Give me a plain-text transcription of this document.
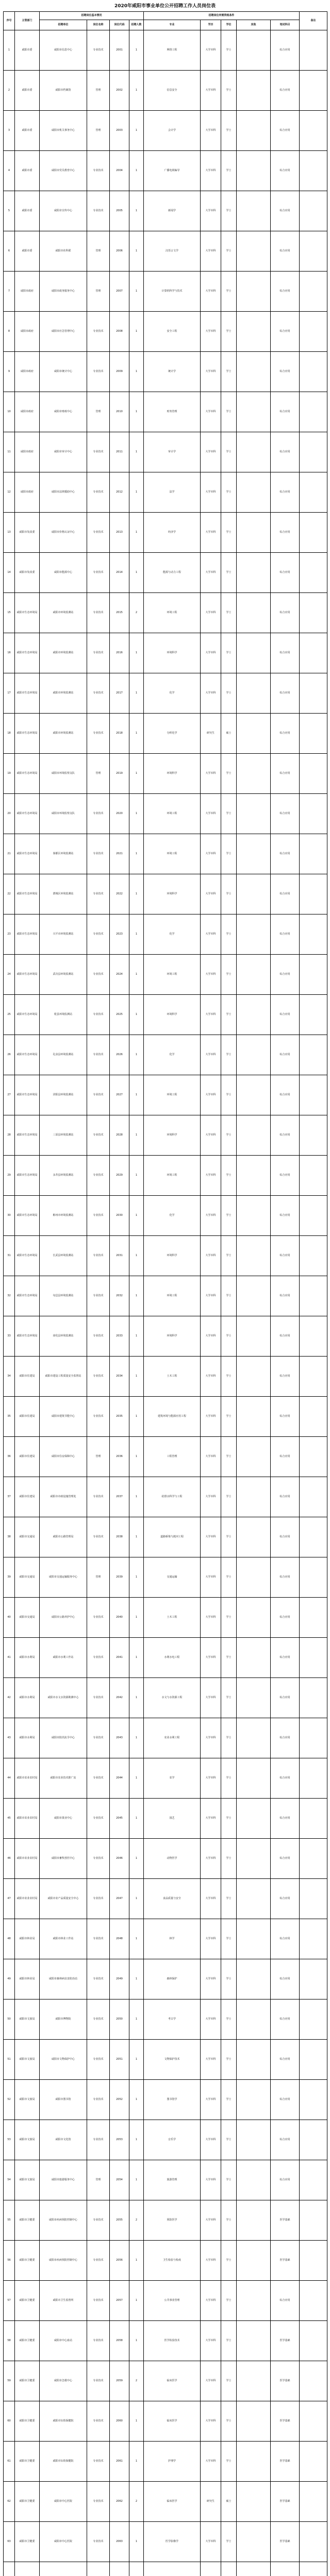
2020年咸阳市事业单位公开招聘工作人员岗位表
序号	主管部门	招聘岗位基本情况				招聘岗位所需资格条件					备注
		招聘单位	岗位名称	岗位代码	招聘人数	专业	学历	学位	其他	笔试科目	
1	咸阳市委	咸阳市信息中心	专业技术	2001	1	网络工程	大学本科	学士		综合应用	
2	咸阳市委	咸阳市档案馆	管理	2002	1	信息安全	大学本科	学士		综合应用	
3	咸阳市委	咸阳市机关事务中心	管理	2003	1	会计学	大学本科	学士		综合应用	
4	咸阳市委	咸阳市党员教育中心	专业技术	2004	1	广播电视编导	大学本科	学士		综合应用	
5	咸阳市委	咸阳市宣传中心	专业技术	2005	1	新闻学	大学本科	学士		综合应用	
6	咸阳市委	咸阳市社科联	管理	2006	1	汉语言文学	大学本科	学士		综合应用	
7	咸阳市政府	咸阳市政务服务中心	管理	2007	1	计算机科学与技术	大学本科	学士		综合应用	
8	咸阳市政府	咸阳市应急管理中心	专业技术	2008	1	安全工程	大学本科	学士		综合应用	
9	咸阳市政府	咸阳市统计中心	专业技术	2009	1	统计学	大学本科	学士		综合应用	
10	咸阳市政府	咸阳市财政中心	管理	2010	1	财务管理	大学本科	学士		综合应用	
11	咸阳市政府	咸阳市审计中心	专业技术	2011	1	审计学	大学本科	学士		综合应用	
12	咸阳市政府	咸阳市法律援助中心	专业技术	2012	1	法学	大学本科	学士		综合应用	
13	咸阳市发改委	咸阳市价格认证中心	专业技术	2013	1	经济学	大学本科	学士		综合应用	
14	咸阳市发改委	咸阳市能源中心	专业技术	2014	1	能源与动力工程	大学本科	学士		综合应用	
15	咸阳市生态环境局	咸阳市环境监测站	专业技术	2015	2	环境工程	大学本科	学士		综合应用	
16	咸阳市生态环境局	咸阳市环境监测站	专业技术	2016	1	环境科学	大学本科	学士		综合应用	
17	咸阳市生态环境局	咸阳市环境监测站	专业技术	2017	1	化学	大学本科	学士		综合应用	
18	咸阳市生态环境局	咸阳市环境监测站	专业技术	2018	1	分析化学	研究生	硕士		综合应用	
19	咸阳市生态环境局	咸阳市环境监察支队	管理	2019	1	环境科学	大学本科	学士		综合应用	
20	咸阳市生态环境局	咸阳市环境监察支队	专业技术	2020	1	环境工程	大学本科	学士		综合应用	
21	咸阳市生态环境局	秦都区环境监测站	专业技术	2021	1	环境工程	大学本科	学士		综合应用	
22	咸阳市生态环境局	渭城区环境监测站	专业技术	2022	1	环境科学	大学本科	学士		综合应用	
23	咸阳市生态环境局	兴平市环境监测站	专业技术	2023	1	化学	大学本科	学士		综合应用	
24	咸阳市生态环境局	武功县环境监测站	专业技术	2024	1	环境工程	大学本科	学士		综合应用	
25	咸阳市生态环境局	乾县环境监测站	专业技术	2025	1	环境科学	大学本科	学士		综合应用	
26	咸阳市生态环境局	礼泉县环境监测站	专业技术	2026	1	化学	大学本科	学士		综合应用	
27	咸阳市生态环境局	泾阳县环境监测站	专业技术	2027	1	环境工程	大学本科	学士		综合应用	
28	咸阳市生态环境局	三原县环境监测站	专业技术	2028	1	环境科学	大学本科	学士		综合应用	
29	咸阳市生态环境局	永寿县环境监测站	专业技术	2029	1	环境工程	大学本科	学士		综合应用	
30	咸阳市生态环境局	彬州市环境监测站	专业技术	2030	1	化学	大学本科	学士		综合应用	
31	咸阳市生态环境局	长武县环境监测站	专业技术	2031	1	环境科学	大学本科	学士		综合应用	
32	咸阳市生态环境局	旬邑县环境监测站	专业技术	2032	1	环境工程	大学本科	学士		综合应用	
33	咸阳市生态环境局	淳化县环境监测站	专业技术	2033	1	环境科学	大学本科	学士		综合应用	
34	咸阳市住建局	咸阳市建设工程质量安全监督站	专业技术	2034	1	土木工程	大学本科	学士		综合应用	
35	咸阳市住建局	咸阳市建筑节能中心	专业技术	2035	1	建筑环境与能源应用工程	大学本科	学士		综合应用	
36	咸阳市住建局	咸阳市住房保障中心	管理	2036	1	工程管理	大学本科	学士		综合应用	
37	咸阳市住建局	咸阳市市政设施管理处	专业技术	2037	1	给排水科学与工程	大学本科	学士		综合应用	
38	咸阳市交通局	咸阳市公路管理局	专业技术	2038	1	道路桥梁与渡河工程	大学本科	学士		综合应用	
39	咸阳市交通局	咸阳市交通运输服务中心	管理	2039	1	交通运输	大学本科	学士		综合应用	
40	咸阳市交通局	咸阳市公路养护中心	专业技术	2040	1	土木工程	大学本科	学士		综合应用	
41	咸阳市水利局	咸阳市水利工作站	专业技术	2041	1	水利水电工程	大学本科	学士		综合应用	
42	咸阳市水利局	咸阳市水文水资源勘测中心	专业技术	2042	1	水文与水资源工程	大学本科	学士		综合应用	
43	咸阳市水利局	咸阳市防汛抗旱中心	专业技术	2043	1	农业水利工程	大学本科	学士		综合应用	
44	咸阳市农业农村局	咸阳市农业技术推广站	专业技术	2044	1	农学	大学本科	学士		综合应用	
45	咸阳市农业农村局	咸阳市果业中心	专业技术	2045	1	园艺	大学本科	学士		综合应用	
46	咸阳市农业农村局	咸阳市畜牧兽医中心	专业技术	2046	1	动物医学	大学本科	学士		综合应用	
47	咸阳市农业农村局	咸阳市农产品质量安全中心	专业技术	2047	1	食品质量与安全	大学本科	学士		综合应用	
48	咸阳市林业局	咸阳市林业工作站	专业技术	2048	1	林学	大学本科	学士		综合应用	
49	咸阳市林业局	咸阳市森林病虫害防治站	专业技术	2049	1	森林保护	大学本科	学士		综合应用	
50	咸阳市文旅局	咸阳市博物院	专业技术	2050	1	考古学	大学本科	学士		综合应用	
51	咸阳市文旅局	咸阳市文物保护中心	专业技术	2051	1	文物保护技术	大学本科	学士		综合应用	
52	咸阳市文旅局	咸阳市图书馆	专业技术	2052	1	图书馆学	大学本科	学士		综合应用	
53	咸阳市文旅局	咸阳市文化馆	专业技术	2053	1	音乐学	大学本科	学士		综合应用	
54	咸阳市文旅局	咸阳市旅游服务中心	管理	2054	1	旅游管理	大学本科	学士		综合应用	
55	咸阳市卫健委	咸阳市疾病预防控制中心	专业技术	2055	2	预防医学	大学本科	学士		医学基础	
56	咸阳市卫健委	咸阳市疾病预防控制中心	专业技术	2056	1	卫生检验与检疫	大学本科	学士		医学基础	
57	咸阳市卫健委	咸阳市卫生监督所	专业技术	2057	1	公共事业管理	大学本科	学士		综合应用	
58	咸阳市卫健委	咸阳市中心血站	专业技术	2058	1	医学检验技术	大学本科	学士		医学基础	
59	咸阳市卫健委	咸阳市急救中心	专业技术	2059	2	临床医学	大学本科	学士		医学基础	
60	咸阳市卫健委	咸阳市妇幼保健院	专业技术	2060	1	临床医学	大学本科	学士		医学基础	
61	咸阳市卫健委	咸阳市妇幼保健院	专业技术	2061	1	护理学	大学本科	学士		医学基础	
62	咸阳市卫健委	咸阳市中心医院	专业技术	2062	2	临床医学	研究生	硕士		医学基础	
63	咸阳市卫健委	咸阳市中心医院	专业技术	2063	1	医学影像学	大学本科	学士		医学基础	
